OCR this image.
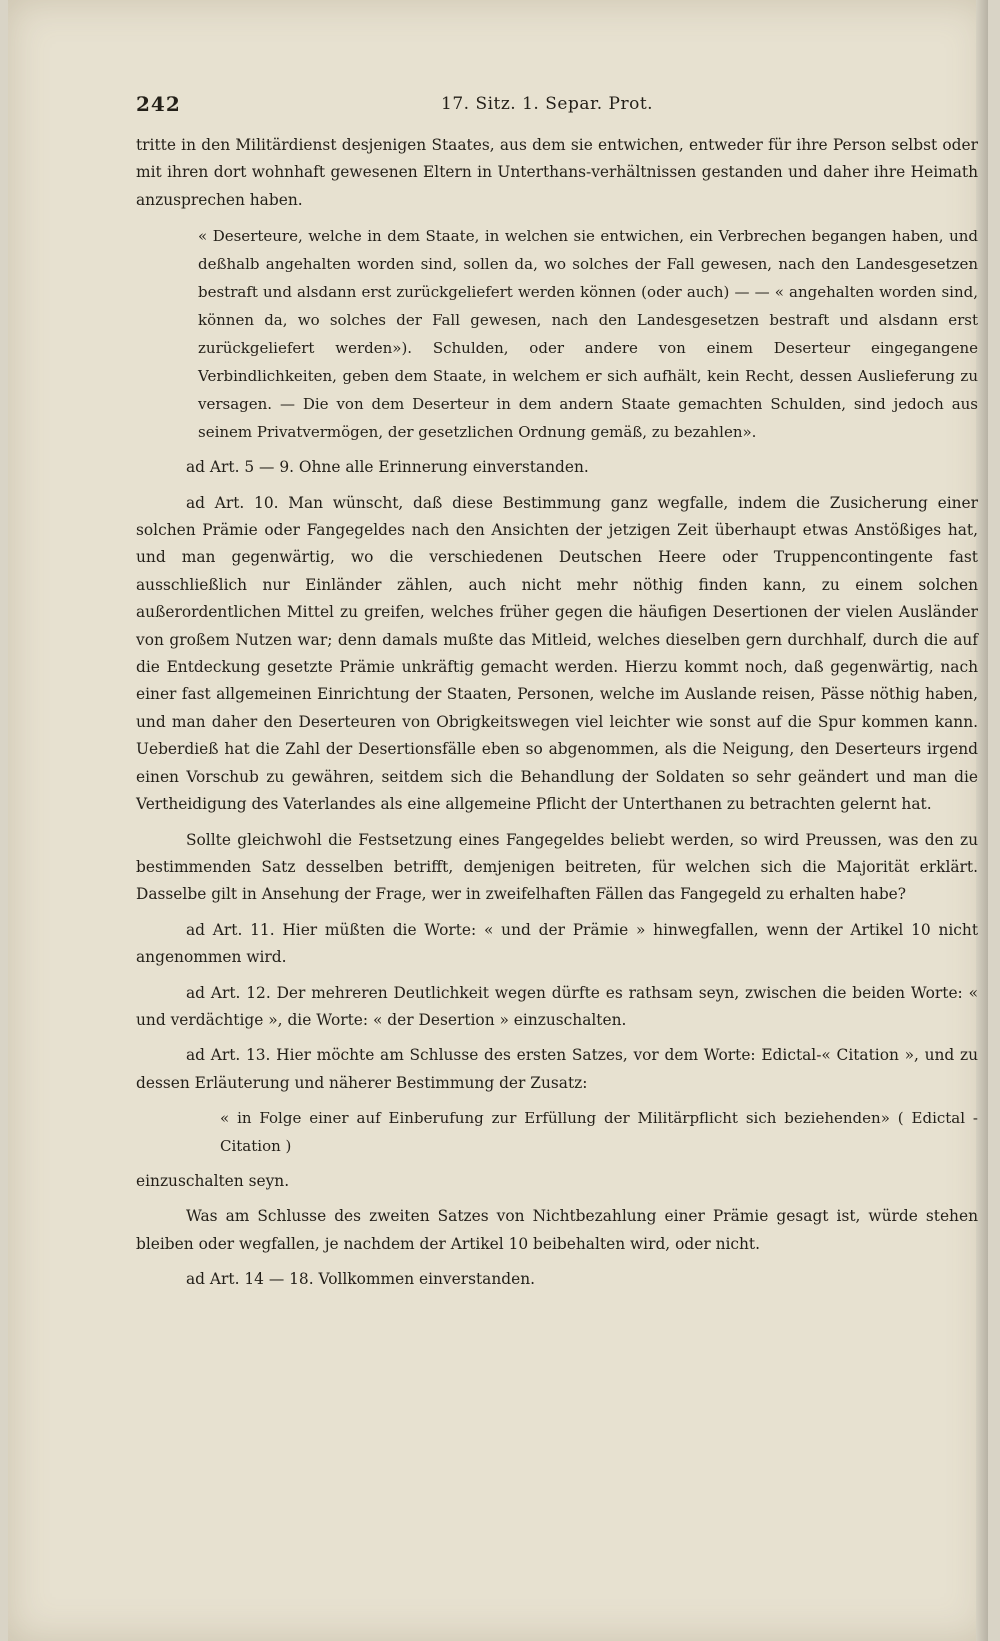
242	17. Sitz. 1. Separ. Prot.

tritte in den Militärdienst desjenigen Staates, aus dem sie entwichen, entweder für ihre Person selbst oder mit ihren dort wohnhaft gewesenen Eltern in Unterthans-verhältnissen gestanden und daher ihre Heimath anzusprechen haben.

« Deserteure, welche in dem Staate, in welchen sie entwichen, ein Verbrechen begangen haben, und deßhalb angehalten worden sind, sollen da, wo solches der Fall gewesen, nach den Landesgesetzen bestraft und alsdann erst zurückgeliefert werden können (oder auch) — — « angehalten worden sind, können da, wo solches der Fall gewesen, nach den Landesgesetzen bestraft und alsdann erst zurückgeliefert werden»). Schulden, oder andere von einem Deserteur eingegangene Verbindlichkeiten, geben dem Staate, in welchem er sich aufhält, kein Recht, dessen Auslieferung zu versagen. — Die von dem Deserteur in dem andern Staate gemachten Schulden, sind jedoch aus seinem Privatvermögen, der gesetzlichen Ordnung gemäß, zu bezahlen».

ad Art. 5 — 9. Ohne alle Erinnerung einverstanden.

ad Art. 10. Man wünscht, daß diese Bestimmung ganz wegfalle, indem die Zusicherung einer solchen Prämie oder Fangegeldes nach den Ansichten der jetzigen Zeit überhaupt etwas Anstößiges hat, und man gegenwärtig, wo die verschiedenen Deutschen Heere oder Truppencontingente fast ausschließlich nur Einländer zählen, auch nicht mehr nöthig finden kann, zu einem solchen außerordentlichen Mittel zu greifen, welches früher gegen die häufigen Desertionen der vielen Ausländer von großem Nutzen war; denn damals mußte das Mitleid, welches dieselben gern durchhalf, durch die auf die Entdeckung gesetzte Prämie unkräftig gemacht werden. Hierzu kommt noch, daß gegenwärtig, nach einer fast allgemeinen Einrichtung der Staaten, Personen, welche im Auslande reisen, Pässe nöthig haben, und man daher den Deserteuren von Obrigkeitswegen viel leichter wie sonst auf die Spur kommen kann. Ueberdieß hat die Zahl der Desertionsfälle eben so abgenommen, als die Neigung, den Deserteurs irgend einen Vorschub zu gewähren, seitdem sich die Behandlung der Soldaten so sehr geändert und man die Vertheidigung des Vaterlandes als eine allgemeine Pflicht der Unterthanen zu betrachten gelernt hat.

Sollte gleichwohl die Festsetzung eines Fangegeldes beliebt werden, so wird Preussen, was den zu bestimmenden Satz desselben betrifft, demjenigen beitreten, für welchen sich die Majorität erklärt. Dasselbe gilt in Ansehung der Frage, wer in zweifelhaften Fällen das Fangegeld zu erhalten habe?

ad Art. 11. Hier müßten die Worte: « und der Prämie » hinwegfallen, wenn der Artikel 10 nicht angenommen wird.

ad Art. 12. Der mehreren Deutlichkeit wegen dürfte es rathsam seyn, zwischen die beiden Worte: « und verdächtige », die Worte: « der Desertion » einzuschalten.

ad Art. 13. Hier möchte am Schlusse des ersten Satzes, vor dem Worte: Edictal-« Citation », und zu dessen Erläuterung und näherer Bestimmung der Zusatz:

« in Folge einer auf Einberufung zur Erfüllung der Militärpflicht sich beziehenden» ( Edictal - Citation )

einzuschalten seyn.

Was am Schlusse des zweiten Satzes von Nichtbezahlung einer Prämie gesagt ist, würde stehen bleiben oder wegfallen, je nachdem der Artikel 10 beibehalten wird, oder nicht.

ad Art. 14 — 18. Vollkommen einverstanden.
